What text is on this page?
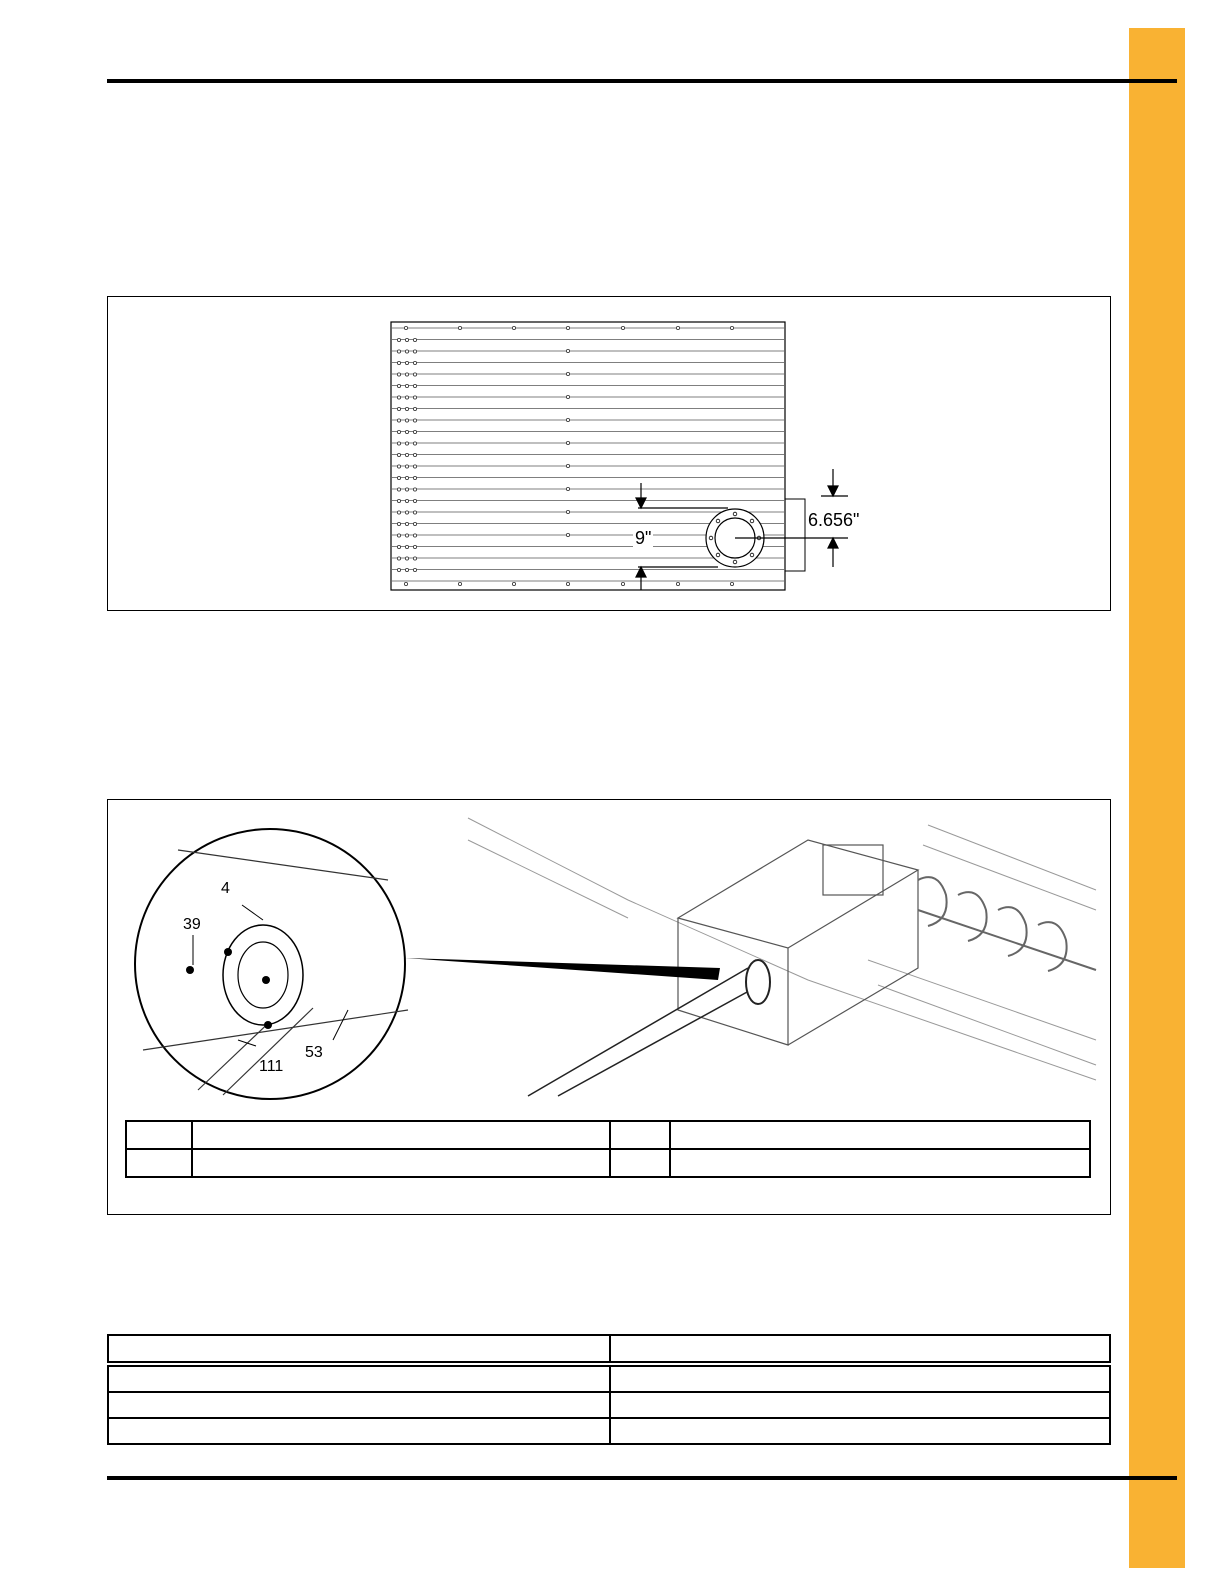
6.656"
9"
4
39
111
53
